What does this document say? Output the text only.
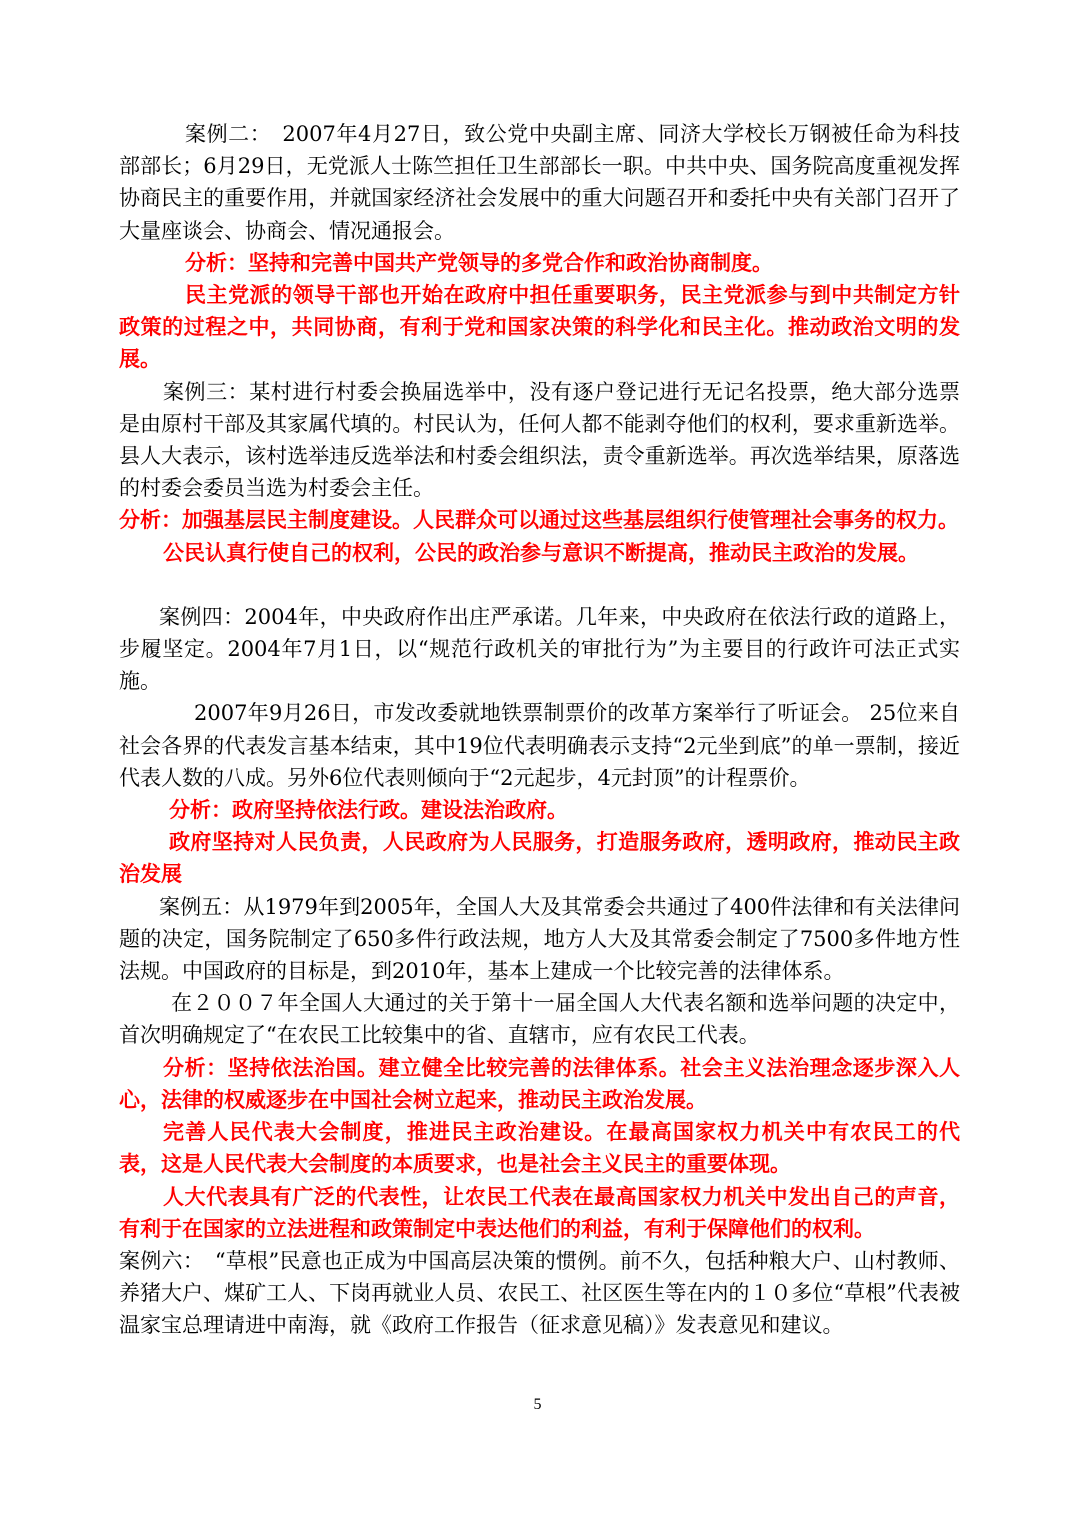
案例二：　2007年4月27日，致公党中央副主席、同济大学校长万钢被任命为科技部部长；6月29日，无党派人士陈竺担任卫生部部长一职。中共中央、国务院高度重视发挥协商民主的重要作用，并就国家经济社会发展中的重大问题召开和委托中央有关部门召开了大量座谈会、协商会、情况通报会。

分析：坚持和完善中国共产党领导的多党合作和政治协商制度。

民主党派的领导干部也开始在政府中担任重要职务，民主党派参与到中共制定方针政策的过程之中，共同协商，有利于党和国家决策的科学化和民主化。推动政治文明的发展。

案例三：某村进行村委会换届选举中，没有逐户登记进行无记名投票，绝大部分选票是由原村干部及其家属代填的。村民认为，任何人都不能剥夺他们的权利，要求重新选举。县人大表示，该村选举违反选举法和村委会组织法，责令重新选举。再次选举结果，原落选的村委会委员当选为村委会主任。

分析：加强基层民主制度建设。人民群众可以通过这些基层组织行使管理社会事务的权力。

公民认真行使自己的权利，公民的政治参与意识不断提高，推动民主政治的发展。

案例四：2004年，中央政府作出庄严承诺。几年来，中央政府在依法行政的道路上，步履坚定。2004年7月1日，以“规范行政机关的审批行为”为主要目的行政许可法正式实施。

2007年9月26日，市发改委就地铁票制票价的改革方案举行了听证会。 25位来自社会各界的代表发言基本结束，其中19位代表明确表示支持“2元坐到底”的单一票制，接近代表人数的八成。另外6位代表则倾向于“2元起步，4元封顶”的计程票价。

分析：政府坚持依法行政。建设法治政府。

政府坚持对人民负责，人民政府为人民服务，打造服务政府，透明政府，推动民主政治发展

案例五：从1979年到2005年，全国人大及其常委会共通过了400件法律和有关法律问题的决定，国务院制定了650多件行政法规，地方人大及其常委会制定了7500多件地方性法规。中国政府的目标是，到2010年，基本上建成一个比较完善的法律体系。

在２００７年全国人大通过的关于第十一届全国人大代表名额和选举问题的决定中，首次明确规定了“在农民工比较集中的省、直辖市，应有农民工代表。

分析：坚持依法治国。建立健全比较完善的法律体系。社会主义法治理念逐步深入人心，法律的权威逐步在中国社会树立起来，推动民主政治发展。

完善人民代表大会制度，推进民主政治建设。在最高国家权力机关中有农民工的代表，这是人民代表大会制度的本质要求，也是社会主义民主的重要体现。

人大代表具有广泛的代表性，让农民工代表在最高国家权力机关中发出自己的声音，有利于在国家的立法进程和政策制定中表达他们的利益，有利于保障他们的权利。

案例六：　“草根”民意也正成为中国高层决策的惯例。前不久，包括种粮大户、山村教师、养猪大户、煤矿工人、下岗再就业人员、农民工、社区医生等在内的１０多位“草根”代表被温家宝总理请进中南海，就《政府工作报告（征求意见稿）》发表意见和建议。

5
